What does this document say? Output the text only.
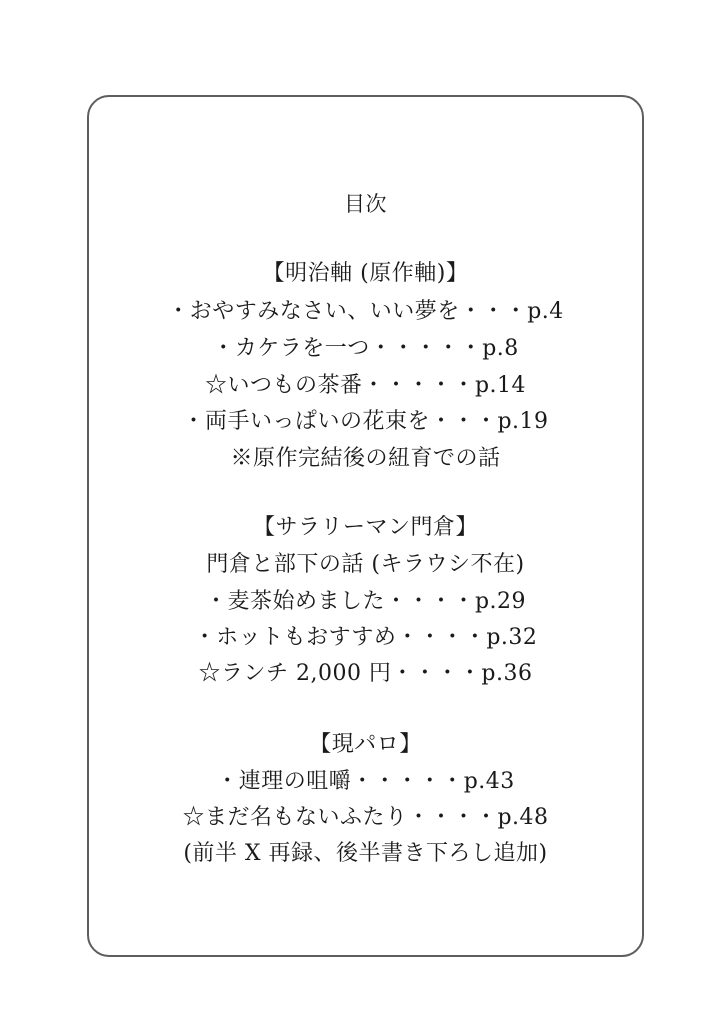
目次
【明治軸 (原作軸)】
・おやすみなさい、いい夢を・・・p.4
・カケラを一つ・・・・・p.8
☆いつもの茶番・・・・・p.14
・両手いっぱいの花束を・・・p.19
※原作完結後の紐育での話
【サラリーマン門倉】
門倉と部下の話 (キラウシ不在)
・麦茶始めました・・・・p.29
・ホットもおすすめ・・・・p.32
☆ランチ 2,000 円・・・・p.36
【現パロ】
・連理の咀嚼・・・・・p.43
☆まだ名もないふたり・・・・p.48
(前半 X 再録、後半書き下ろし追加)
